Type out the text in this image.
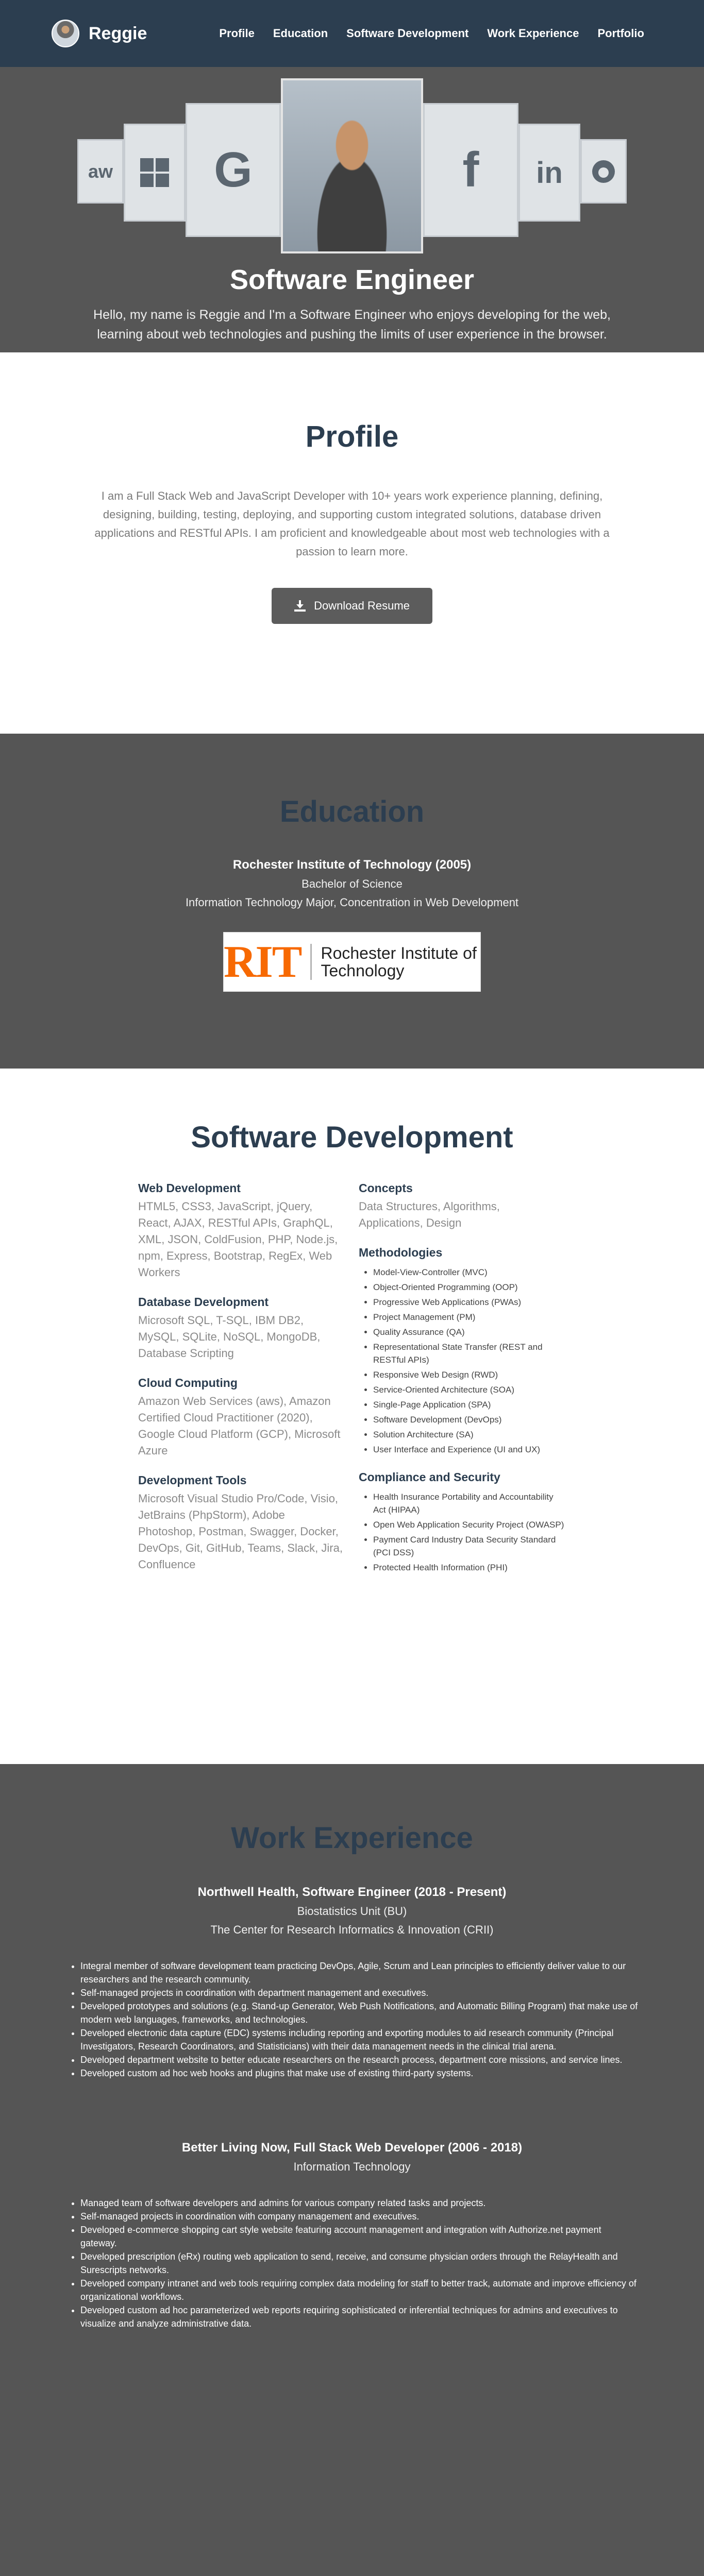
Reggie	Profile Education Software Development Work Experience Portfolio
aw	G	f	in
Software Engineer

Hello, my name is Reggie and I'm a Software Engineer who enjoys developing for the web, learning about web technologies and pushing the limits of user experience in the browser.

Profile

I am a Full Stack Web and JavaScript Developer with 10+ years work experience planning, defining, designing, building, testing, deploying, and supporting custom integrated solutions, database driven applications and RESTful APIs. I am proficient and knowledgeable about most web technologies with a passion to learn more.

Download Resume
Education
Rochester Institute of Technology (2005)
Bachelor of Science
Information Technology Major, Concentration in Web Development
RIT Rochester Institute of Technology
Software Development
Web Development
HTML5, CSS3, JavaScript, jQuery, React, AJAX, RESTful APIs, GraphQL, XML, JSON, ColdFusion, PHP, Node.js, npm, Express, Bootstrap, RegEx, Web Workers
Database Development
Microsoft SQL, T-SQL, IBM DB2, MySQL, SQLite, NoSQL, MongoDB, Database Scripting
Cloud Computing
Amazon Web Services (aws), Amazon Certified Cloud Practitioner (2020), Google Cloud Platform (GCP), Microsoft Azure
Development Tools
Microsoft Visual Studio Pro/Code, Visio, JetBrains (PhpStorm), Adobe Photoshop, Postman, Swagger, Docker, DevOps, Git, GitHub, Teams, Slack, Jira, Confluence
Concepts
Data Structures, Algorithms, Applications, Design
Methodologies
• Model-View-Controller (MVC)
• Object-Oriented Programming (OOP)
• Progressive Web Applications (PWAs)
• Project Management (PM)
• Quality Assurance (QA)
• Representational State Transfer (REST and RESTful APIs)
• Responsive Web Design (RWD)
• Service-Oriented Architecture (SOA)
• Single-Page Application (SPA)
• Software Development (DevOps)
• Solution Architecture (SA)
• User Interface and Experience (UI and UX)
Compliance and Security
• Health Insurance Portability and Accountability Act (HIPAA)
• Open Web Application Security Project (OWASP)
• Payment Card Industry Data Security Standard (PCI DSS)
• Protected Health Information (PHI)
Work Experience
Northwell Health, Software Engineer (2018 - Present)
Biostatistics Unit (BU)
The Center for Research Informatics & Innovation (CRII)
• Integral member of software development team practicing DevOps, Agile, Scrum and Lean principles to efficiently deliver value to our researchers and the research community.
• Self-managed projects in coordination with department management and executives.
• Developed prototypes and solutions (e.g. Stand-up Generator, Web Push Notifications, and Automatic Billing Program) that make use of modern web languages, frameworks, and technologies.
• Developed electronic data capture (EDC) systems including reporting and exporting modules to aid research community (Principal Investigators, Research Coordinators, and Statisticians) with their data management needs in the clinical trial arena.
• Developed department website to better educate researchers on the research process, department core missions, and service lines.
• Developed custom ad hoc web hooks and plugins that make use of existing third-party systems.
Better Living Now, Full Stack Web Developer (2006 - 2018)
Information Technology
• Managed team of software developers and admins for various company related tasks and projects.
• Self-managed projects in coordination with company management and executives.
• Developed e-commerce shopping cart style website featuring account management and integration with Authorize.net payment gateway.
• Developed prescription (eRx) routing web application to send, receive, and consume physician orders through the RelayHealth and Surescripts networks.
• Developed company intranet and web tools requiring complex data modeling for staff to better track, automate and improve efficiency of organizational workflows.
• Developed custom ad hoc parameterized web reports requiring sophisticated or inferential techniques for admins and executives to visualize and analyze administrative data.
